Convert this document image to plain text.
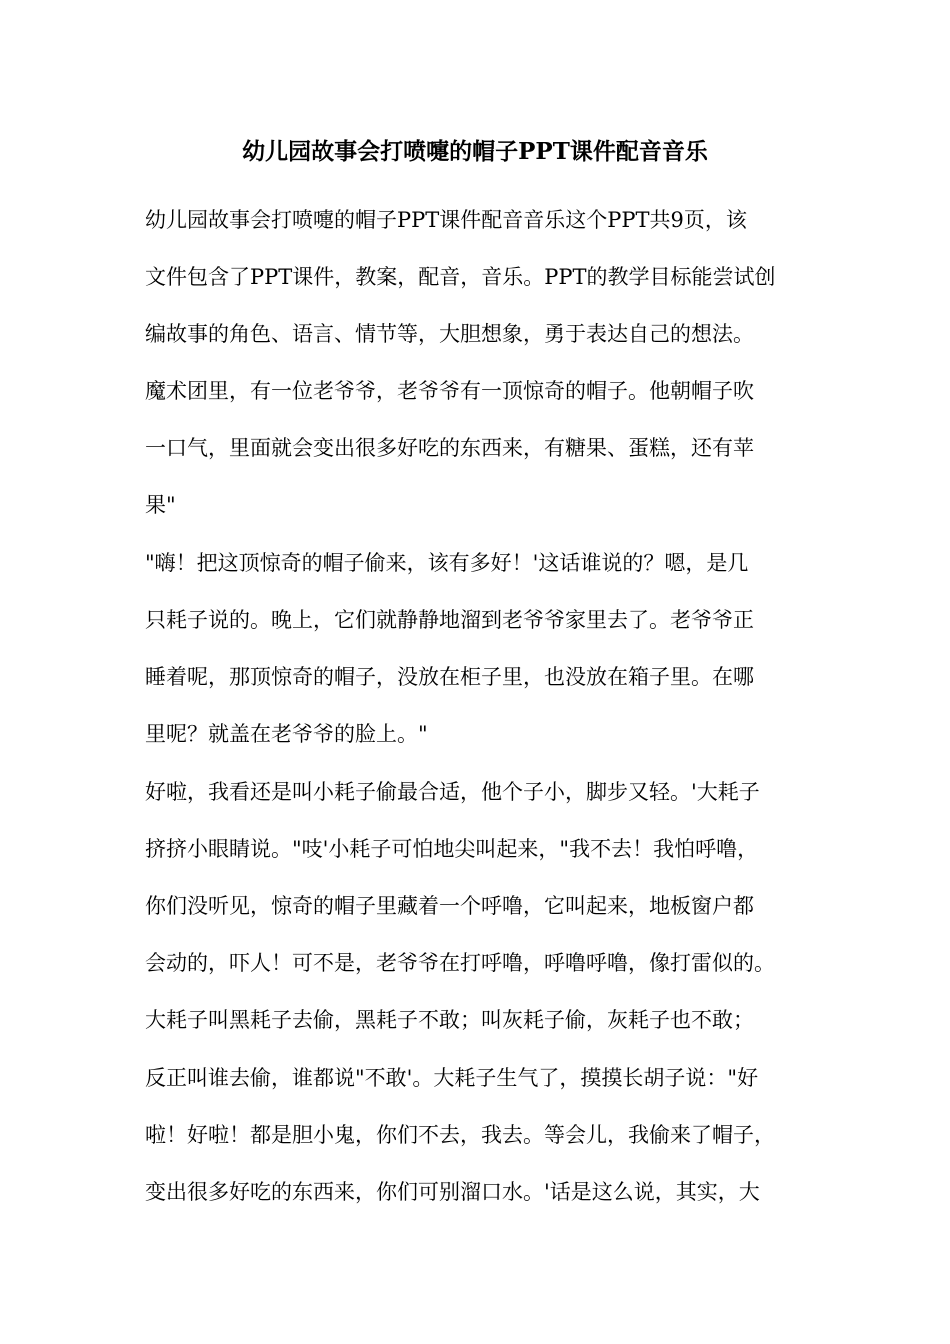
幼儿园故事会打喷嚏的帽子PPT课件配音音乐
幼儿园故事会打喷嚏的帽子PPT课件配音音乐这个PPT共9页，该
文件包含了PPT课件，教案，配音，音乐。PPT的教学目标能尝试创
编故事的角色、语言、情节等，大胆想象，勇于表达自己的想法。
魔术团里，有一位老爷爷，老爷爷有一顶惊奇的帽子。他朝帽子吹
一口气，里面就会变出很多好吃的东西来，有糖果、蛋糕，还有苹
果"
"嗨！把这顶惊奇的帽子偷来，该有多好！'这话谁说的？嗯，是几
只耗子说的。晚上，它们就静静地溜到老爷爷家里去了。老爷爷正
睡着呢，那顶惊奇的帽子，没放在柜子里，也没放在箱子里。在哪
里呢？就盖在老爷爷的脸上。"
好啦，我看还是叫小耗子偷最合适，他个子小，脚步又轻。'大耗子
挤挤小眼睛说。"吱'小耗子可怕地尖叫起来，"我不去！我怕呼噜，
你们没听见，惊奇的帽子里藏着一个呼噜，它叫起来，地板窗户都
会动的，吓人！可不是，老爷爷在打呼噜，呼噜呼噜，像打雷似的。
大耗子叫黑耗子去偷，黑耗子不敢；叫灰耗子偷，灰耗子也不敢；
反正叫谁去偷，谁都说"不敢'。大耗子生气了，摸摸长胡子说："好
啦！好啦！都是胆小鬼，你们不去，我去。等会儿，我偷来了帽子，
变出很多好吃的东西来，你们可别溜口水。'话是这么说，其实，大
